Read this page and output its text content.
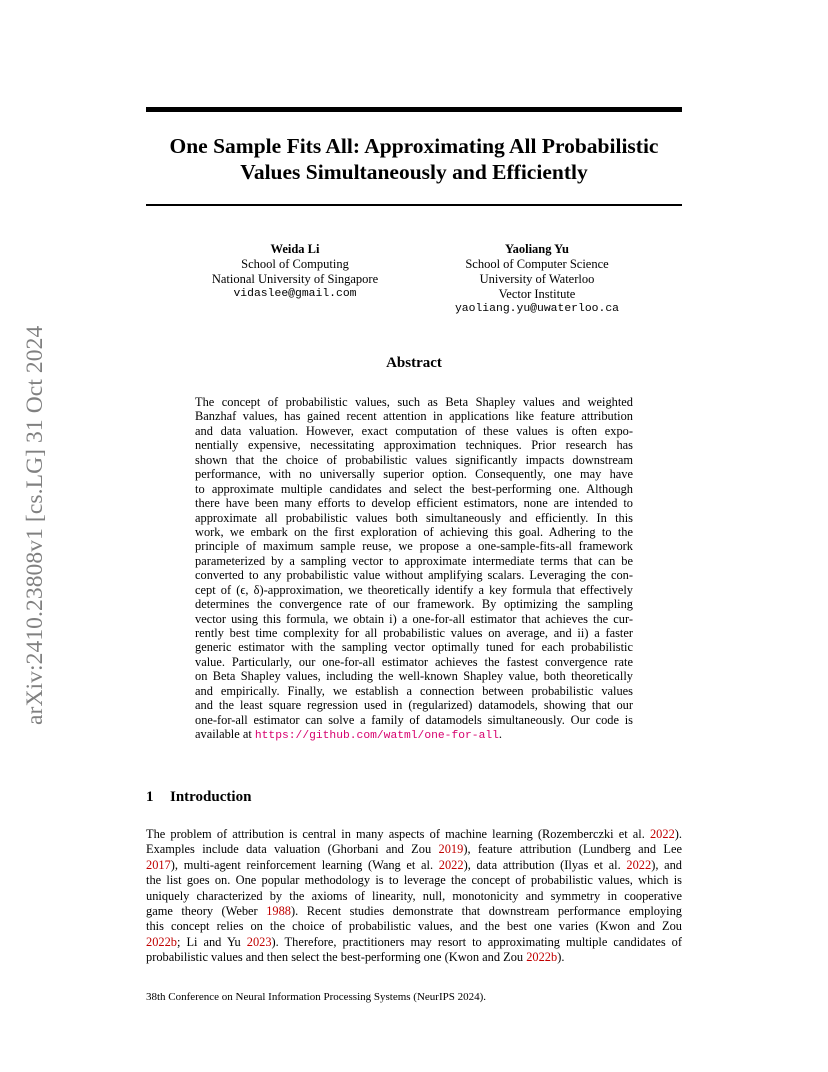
arXiv:2410.23808v1 [cs.LG] 31 Oct 2024
One Sample Fits All: Approximating All Probabilistic
Values Simultaneously and Efficiently
Weida Li
School of Computing
National University of Singapore
vidaslee@gmail.com
Yaoliang Yu
School of Computer Science
University of Waterloo
Vector Institute
yaoliang.yu@uwaterloo.ca
Abstract
The concept of probabilistic values, such as Beta Shapley values and weighted
Banzhaf values, has gained recent attention in applications like feature attribution
and data valuation. However, exact computation of these values is often expo-
nentially expensive, necessitating approximation techniques. Prior research has
shown that the choice of probabilistic values significantly impacts downstream
performance, with no universally superior option. Consequently, one may have
to approximate multiple candidates and select the best-performing one. Although
there have been many efforts to develop efficient estimators, none are intended to
approximate all probabilistic values both simultaneously and efficiently. In this
work, we embark on the first exploration of achieving this goal. Adhering to the
principle of maximum sample reuse, we propose a one-sample-fits-all framework
parameterized by a sampling vector to approximate intermediate terms that can be
converted to any probabilistic value without amplifying scalars. Leveraging the con-
cept of (ϵ, δ)-approximation, we theoretically identify a key formula that effectively
determines the convergence rate of our framework. By optimizing the sampling
vector using this formula, we obtain i) a one-for-all estimator that achieves the cur-
rently best time complexity for all probabilistic values on average, and ii) a faster
generic estimator with the sampling vector optimally tuned for each probabilistic
value. Particularly, our one-for-all estimator achieves the fastest convergence rate
on Beta Shapley values, including the well-known Shapley value, both theoretically
and empirically. Finally, we establish a connection between probabilistic values
and the least square regression used in (regularized) datamodels, showing that our
one-for-all estimator can solve a family of datamodels simultaneously. Our code is
available at https://github.com/watml/one-for-all.
1 Introduction
The problem of attribution is central in many aspects of machine learning (Rozemberczki et al. 2022).
Examples include data valuation (Ghorbani and Zou 2019), feature attribution (Lundberg and Lee
2017), multi-agent reinforcement learning (Wang et al. 2022), data attribution (Ilyas et al. 2022), and
the list goes on. One popular methodology is to leverage the concept of probabilistic values, which is
uniquely characterized by the axioms of linearity, null, monotonicity and symmetry in cooperative
game theory (Weber 1988). Recent studies demonstrate that downstream performance employing
this concept relies on the choice of probabilistic values, and the best one varies (Kwon and Zou
2022b; Li and Yu 2023). Therefore, practitioners may resort to approximating multiple candidates of
probabilistic values and then select the best-performing one (Kwon and Zou 2022b).
38th Conference on Neural Information Processing Systems (NeurIPS 2024).
